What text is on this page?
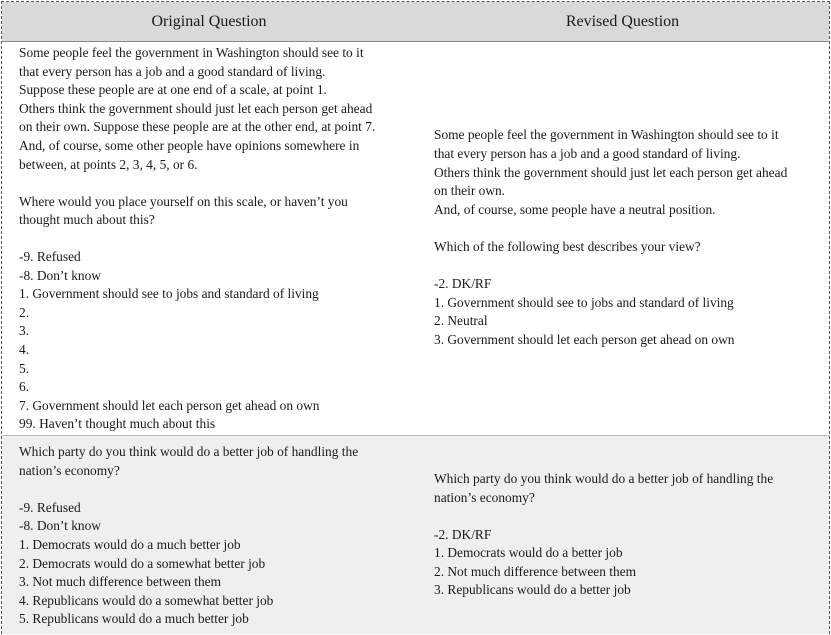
Original Question	Revised Question
Some people feel the government in Washington should see to it
that every person has a job and a good standard of living.
Suppose these people are at one end of a scale, at point 1.
Others think the government should just let each person get ahead
on their own. Suppose these people are at the other end, at point 7.
And, of course, some other people have opinions somewhere in
between, at points 2, 3, 4, 5, or 6.
Where would you place yourself on this scale, or haven’t you
thought much about this?
-9. Refused
-8. Don’t know
1. Government should see to jobs and standard of living
2.
3.
4.
5.
6.
7. Government should let each person get ahead on own
99. Haven’t thought much about this
Some people feel the government in Washington should see to it
that every person has a job and a good standard of living.
Others think the government should just let each person get ahead
on their own.
And, of course, some people have a neutral position.
Which of the following best describes your view?
-2. DK/RF
1. Government should see to jobs and standard of living
2. Neutral
3. Government should let each person get ahead on own
Which party do you think would do a better job of handling the
nation’s economy?
-9. Refused
-8. Don’t know
1. Democrats would do a much better job
2. Democrats would do a somewhat better job
3. Not much difference between them
4. Republicans would do a somewhat better job
5. Republicans would do a much better job
Which party do you think would do a better job of handling the
nation’s economy?
-2. DK/RF
1. Democrats would do a better job
2. Not much difference between them
3. Republicans would do a better job
